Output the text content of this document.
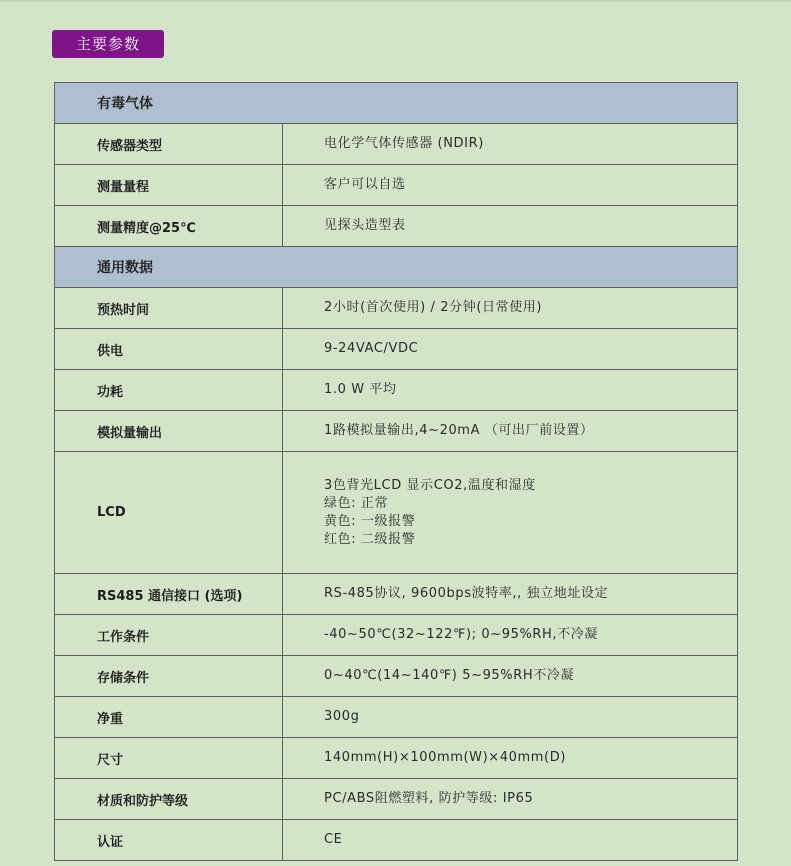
主要参数
有毒气体	
传感器类型	电化学气体传感器 (NDIR)

测量量程	客户可以自选

测量精度@25℃	见探头造型表

通用数据	
预热时间	2小时(首次使用) / 2分钟(日常使用)

供电	9-24VAC/VDC

功耗	1.0 W 平均

模拟量输出	1路模拟量输出,4~20mA （可出厂前设置）

LCD	3色背光LCD 显示CO2,温度和湿度
绿色: 正常
黄色: 一级报警
红色: 二级报警

RS485 通信接口 (选项)	RS-485协议, 9600bps波特率,, 独立地址设定

工作条件	-40~50℃(32~122℉); 0~95%RH,不冷凝

存储条件	0~40℃(14~140℉) 5~95%RH不冷凝

净重	300g

尺寸	140mm(H)×100mm(W)×40mm(D)

材质和防护等级	PC/ABS阻燃塑料, 防护等级: IP65

认证	CE
